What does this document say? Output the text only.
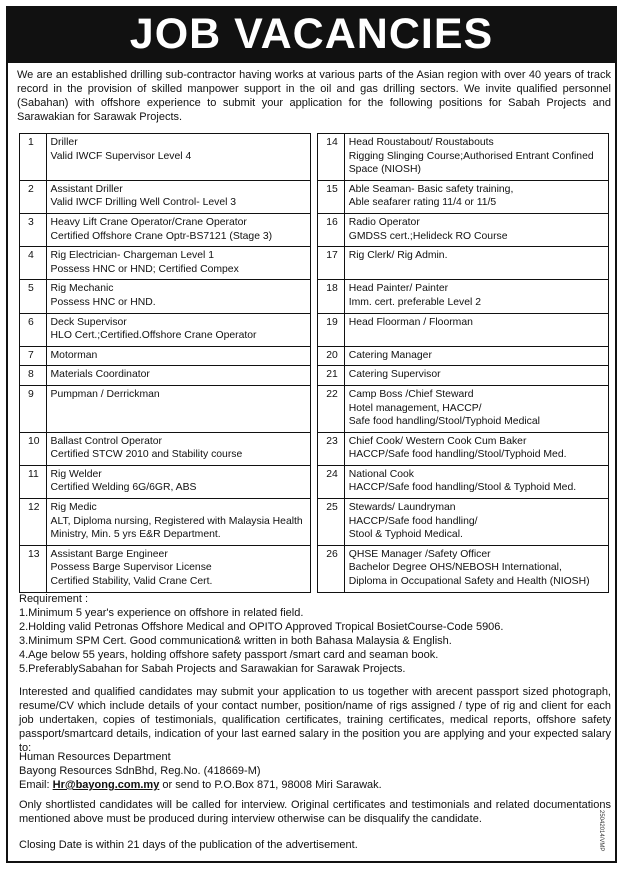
JOB VACANCIES
We are an established drilling sub-contractor having works at various parts of the Asian region with over 40 years of track record in the provision of skilled manpower support in the oil and gas drilling sectors. We invite qualified personnel (Sabahan) with offshore experience to submit your application for the following positions for Sabah Projects and Sarawakian for Sarawak Projects.
1	Driller
Valid IWCF Supervisor Level 4		14	Head Roustabout/ Roustabouts
Rigging Slinging Course;Authorised Entrant Confined
Space (NIOSH)

2	Assistant Driller
Valid IWCF Drilling Well Control- Level 3		15	Able Seaman- Basic safety training,
Able seafarer rating 11/4 or 11/5

3	Heavy Lift Crane Operator/Crane Operator
Certified Offshore Crane Optr-BS7121 (Stage 3)		16	Radio Operator
GMDSS cert.;Helideck RO Course

4	Rig Electrician- Chargeman Level 1
Possess HNC or HND; Certified Compex		17	Rig Clerk/ Rig Admin.

5	Rig Mechanic
Possess HNC or HND.		18	Head Painter/ Painter
Imm. cert. preferable Level 2

6	Deck Supervisor
HLO Cert.;Certified.Offshore Crane Operator		19	Head Floorman / Floorman

7	Motorman		20	Catering Manager

8	Materials Coordinator		21	Catering Supervisor

9	Pumpman / Derrickman		22	Camp Boss /Chief Steward
Hotel management, HACCP/
Safe food handling/Stool/Typhoid Medical

10	Ballast Control Operator
Certified STCW 2010 and Stability course		23	Chief Cook/ Western Cook Cum Baker
HACCP/Safe food handling/Stool/Typhoid Med.

11	Rig Welder
Certified Welding 6G/6GR, ABS		24	National Cook
HACCP/Safe food handling/Stool & Typhoid Med.

12	Rig Medic
ALT, Diploma nursing, Registered with Malaysia Health
Ministry, Min. 5 yrs E&R Department.		25	Stewards/ Laundryman
HACCP/Safe food handling/
Stool & Typhoid Medical.

13	Assistant Barge Engineer
Possess Barge Supervisor License
Certified Stability, Valid Crane Cert.		26	QHSE Manager /Safety Officer
Bachelor Degree OHS/NEBOSH International,
Diploma in Occupational Safety and Health (NIOSH)
Requirement :
1.Minimum 5 year's experience on offshore in related field.
2.Holding valid Petronas Offshore Medical and OPITO Approved Tropical BosietCourse-Code 5906.
3.Minimum SPM Cert. Good communication& written in both Bahasa Malaysia & English.
4.Age below 55 years, holding offshore safety passport /smart card and seaman book.
5.PreferablySabahan for Sabah Projects and Sarawakian for Sarawak Projects.
Interested and qualified candidates may submit your application to us together with arecent passport sized photograph, resume/CV which include details of your contact number, position/name of rigs assigned / type of rig and client for each job undertaken, copies of testimonials, qualification certificates, training certificates, medical reports, offshore safety passport/smartcard details, indication of your last earned salary in the position you are applying and your expected salary to:
Human Resources Department
Bayong Resources SdnBhd, Reg.No. (418669-M)
Email: Hr@bayong.com.my or send to P.O.Box 871, 98008 Miri Sarawak.
Only shortlisted candidates will be called for interview. Original certificates and testimonials and related documentations mentioned above must be produced during interview otherwise can be disqualify the candidate.
Closing Date is within 21 days of the publication of the advertisement.	25042014/VMP
